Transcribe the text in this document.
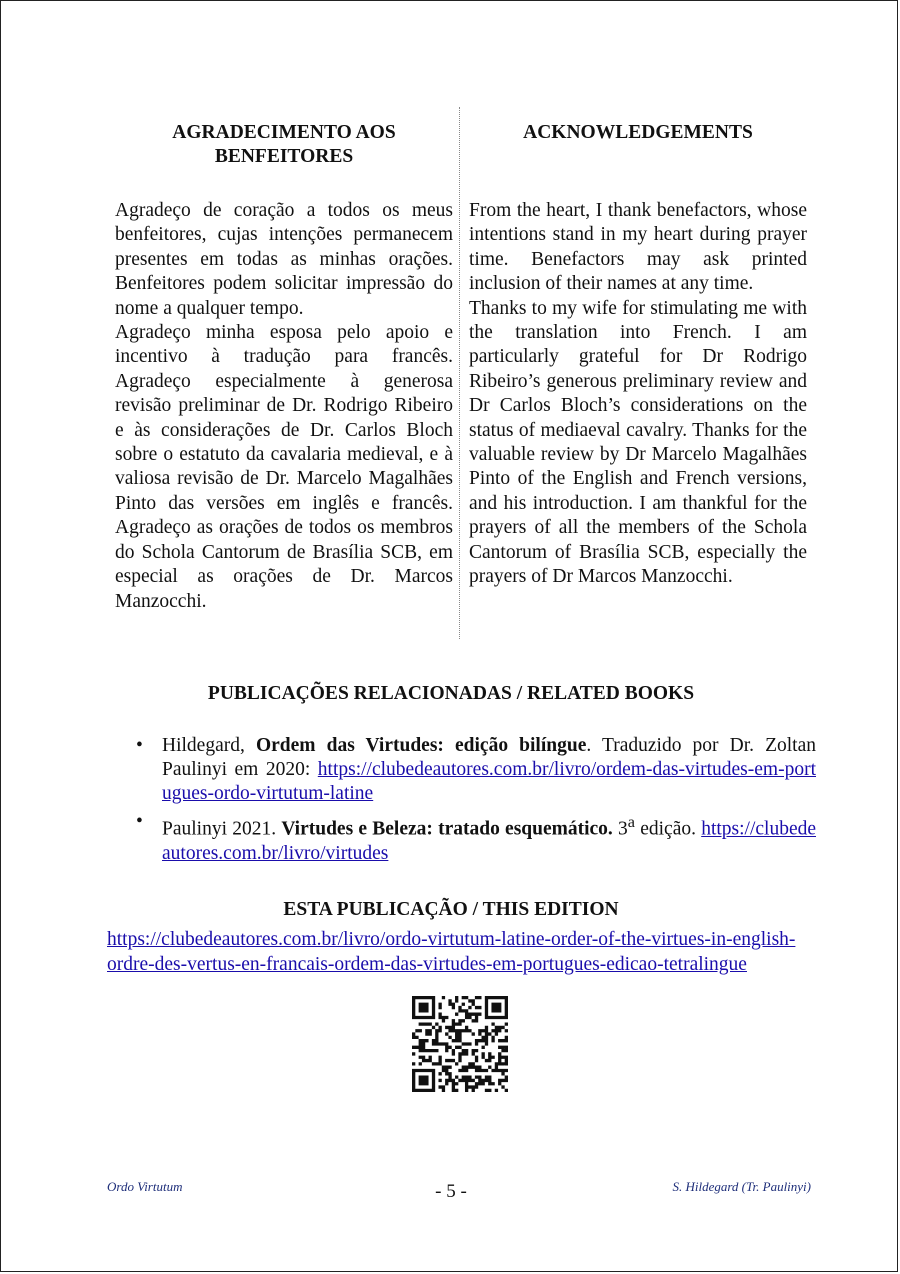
AGRADECIMENTO AOS BENFEITORES

Agradeço de coração a todos os meus benfeitores, cujas intenções permanecem presentes em todas as minhas orações. Benfeitores podem solicitar impressão do nome a qualquer tempo.

Agradeço minha esposa pelo apoio e incentivo à tradução para francês. Agradeço especialmente à generosa revisão preliminar de Dr. Rodrigo Ribeiro e às considerações de Dr. Carlos Bloch sobre o estatuto da cavalaria medieval, e à valiosa revisão de Dr. Marcelo Magalhães Pinto das versões em inglês e francês. Agradeço as orações de todos os membros do Schola Cantorum de Brasília SCB, em especial as orações de Dr. Marcos Manzocchi.

ACKNOWLEDGEMENTS

From the heart, I thank benefactors, whose intentions stand in my heart during prayer time. Benefactors may ask printed inclusion of their names at any time.

Thanks to my wife for stimulating me with the translation into French. I am particularly grateful for Dr Rodrigo Ribeiro’s generous preliminary review and Dr Carlos Bloch’s considerations on the status of mediaeval cavalry. Thanks for the valuable review by Dr Marcelo Magalhães Pinto of the English and French versions, and his introduction. I am thankful for the prayers of all the members of the Schola Cantorum of Brasília SCB, especially the prayers of Dr Marcos Manzocchi.

PUBLICAÇÕES RELACIONADAS / RELATED BOOKS
• Hildegard, Ordem das Virtudes: edição bilíngue. Traduzido por Dr. Zoltan Paulinyi em 2020: https://clubedeautores.com.br/livro/ordem-das-virtudes-em-portugues-ordo-virtutum-latine
• Paulinyi 2021. Virtudes e Beleza: tratado esquemático. 3$^a$ edição. https://clubedeautores.com.br/livro/virtudes
ESTA PUBLICAÇÃO / THIS EDITION
https://clubedeautores.com.br/livro/ordo-virtutum-latine-order-of-the-virtues-in-english-ordre-des-vertus-en-francais-ordem-das-virtudes-em-portugues-edicao-tetralingue
Ordo Virtutum	- 5 -	S. Hildegard (Tr. Paulinyi)
